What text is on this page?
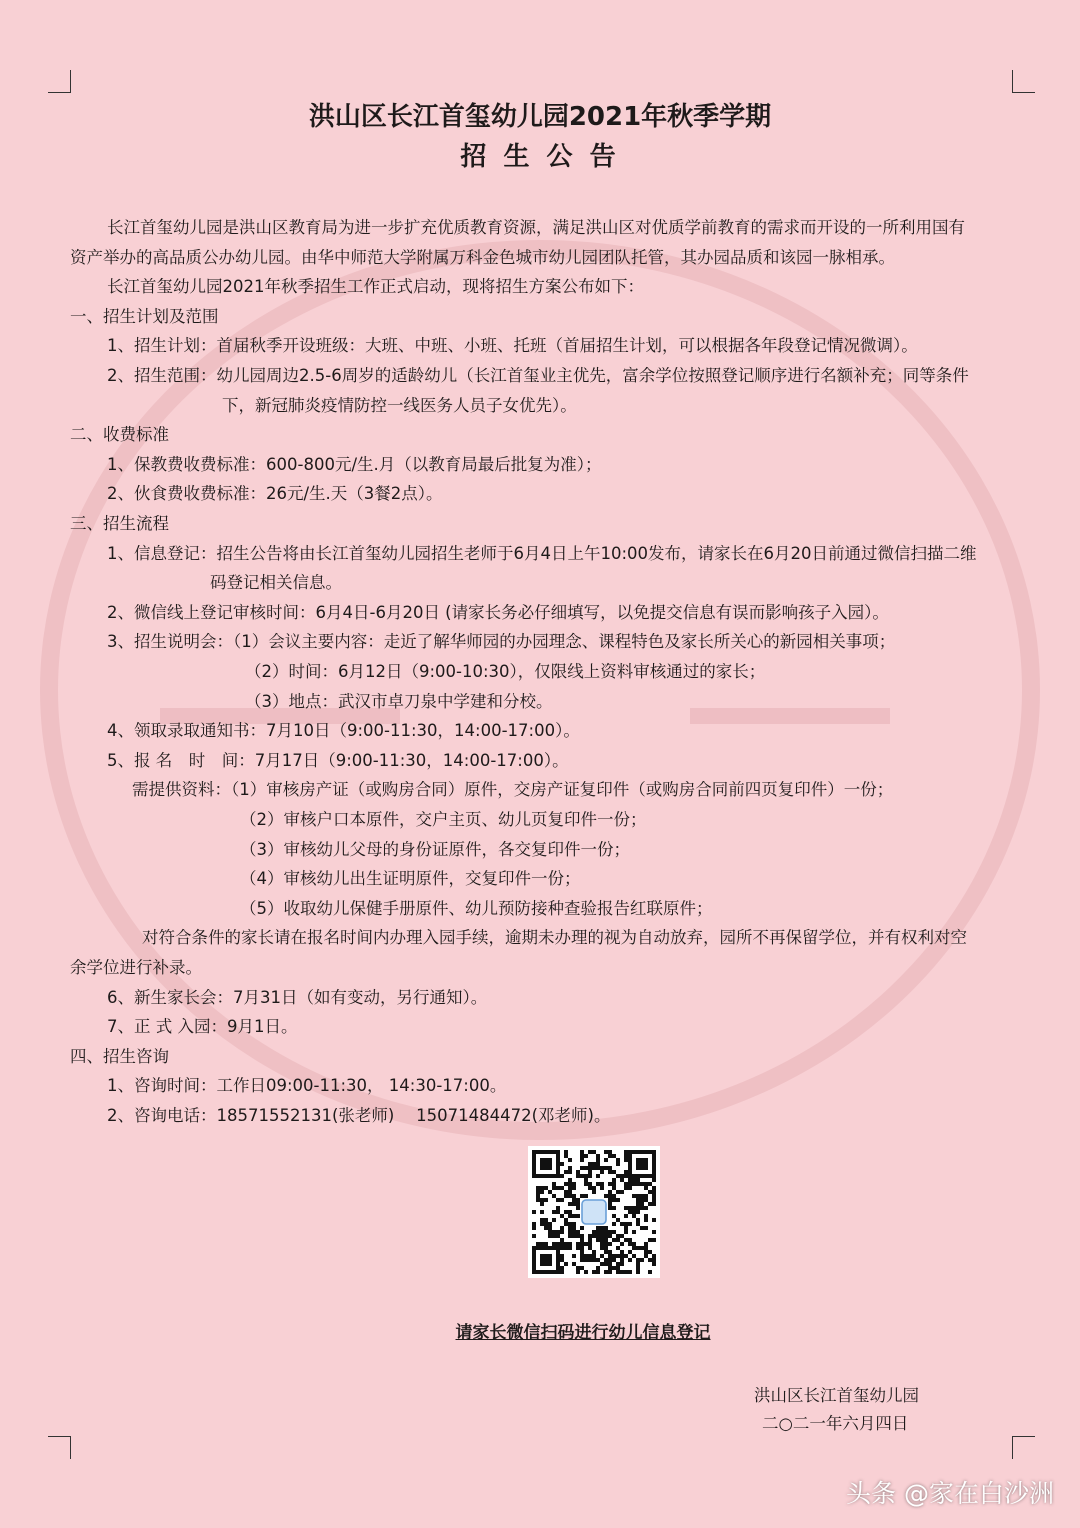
洪山区长江首玺幼儿园2021年秋季学期
招 生 公 告
长江首玺幼儿园是洪山区教育局为进一步扩充优质教育资源，满足洪山区对优质学前教育的需求而开设的一所利用国有
资产举办的高品质公办幼儿园。由华中师范大学附属万科金色城市幼儿园团队托管，其办园品质和该园一脉相承。
长江首玺幼儿园2021年秋季招生工作正式启动，现将招生方案公布如下：
一、招生计划及范围
1、招生计划：首届秋季开设班级：大班、中班、小班、托班（首届招生计划，可以根据各年段登记情况微调）。
2、招生范围：幼儿园周边2.5-6周岁的适龄幼儿（长江首玺业主优先，富余学位按照登记顺序进行名额补充；同等条件
下，新冠肺炎疫情防控一线医务人员子女优先）。
二、收费标准
1、保教费收费标准：600-800元/生.月（以教育局最后批复为准）；
2、伙食费收费标准：26元/生.天（3餐2点）。
三、招生流程
1、信息登记：招生公告将由长江首玺幼儿园招生老师于6月4日上午10:00发布，请家长在6月20日前通过微信扫描二维
码登记相关信息。
2、微信线上登记审核时间：6月4日-6月20日 (请家长务必仔细填写，以免提交信息有误而影响孩子入园）。
3、招生说明会：（1）会议主要内容：走近了解华师园的办园理念、课程特色及家长所关心的新园相关事项；
（2）时间：6月12日（9:00-10:30），仅限线上资料审核通过的家长；
（3）地点：武汉市卓刀泉中学建和分校。
4、领取录取通知书：7月10日（9:00-11:30，14:00-17:00）。
5、报 名　时　间：7月17日（9:00-11:30，14:00-17:00）。
需提供资料：（1）审核房产证（或购房合同）原件，交房产证复印件（或购房合同前四页复印件）一份；
（2）审核户口本原件，交户主页、幼儿页复印件一份；
（3）审核幼儿父母的身份证原件，各交复印件一份；
（4）审核幼儿出生证明原件，交复印件一份；
（5）收取幼儿保健手册原件、幼儿预防接种查验报告红联原件；
对符合条件的家长请在报名时间内办理入园手续，逾期未办理的视为自动放弃，园所不再保留学位，并有权利对空
余学位进行补录。
6、新生家长会：7月31日（如有变动，另行通知）。
7、正 式 入园：9月1日。
四、招生咨询
1、咨询时间：工作日09:00-11:30， 14:30-17:00。
2、咨询电话：18571552131(张老师)　 15071484472(邓老师)。
请家长微信扫码进行幼儿信息登记
洪山区长江首玺幼儿园
二○二一年六月四日
头条 @家在白沙洲
